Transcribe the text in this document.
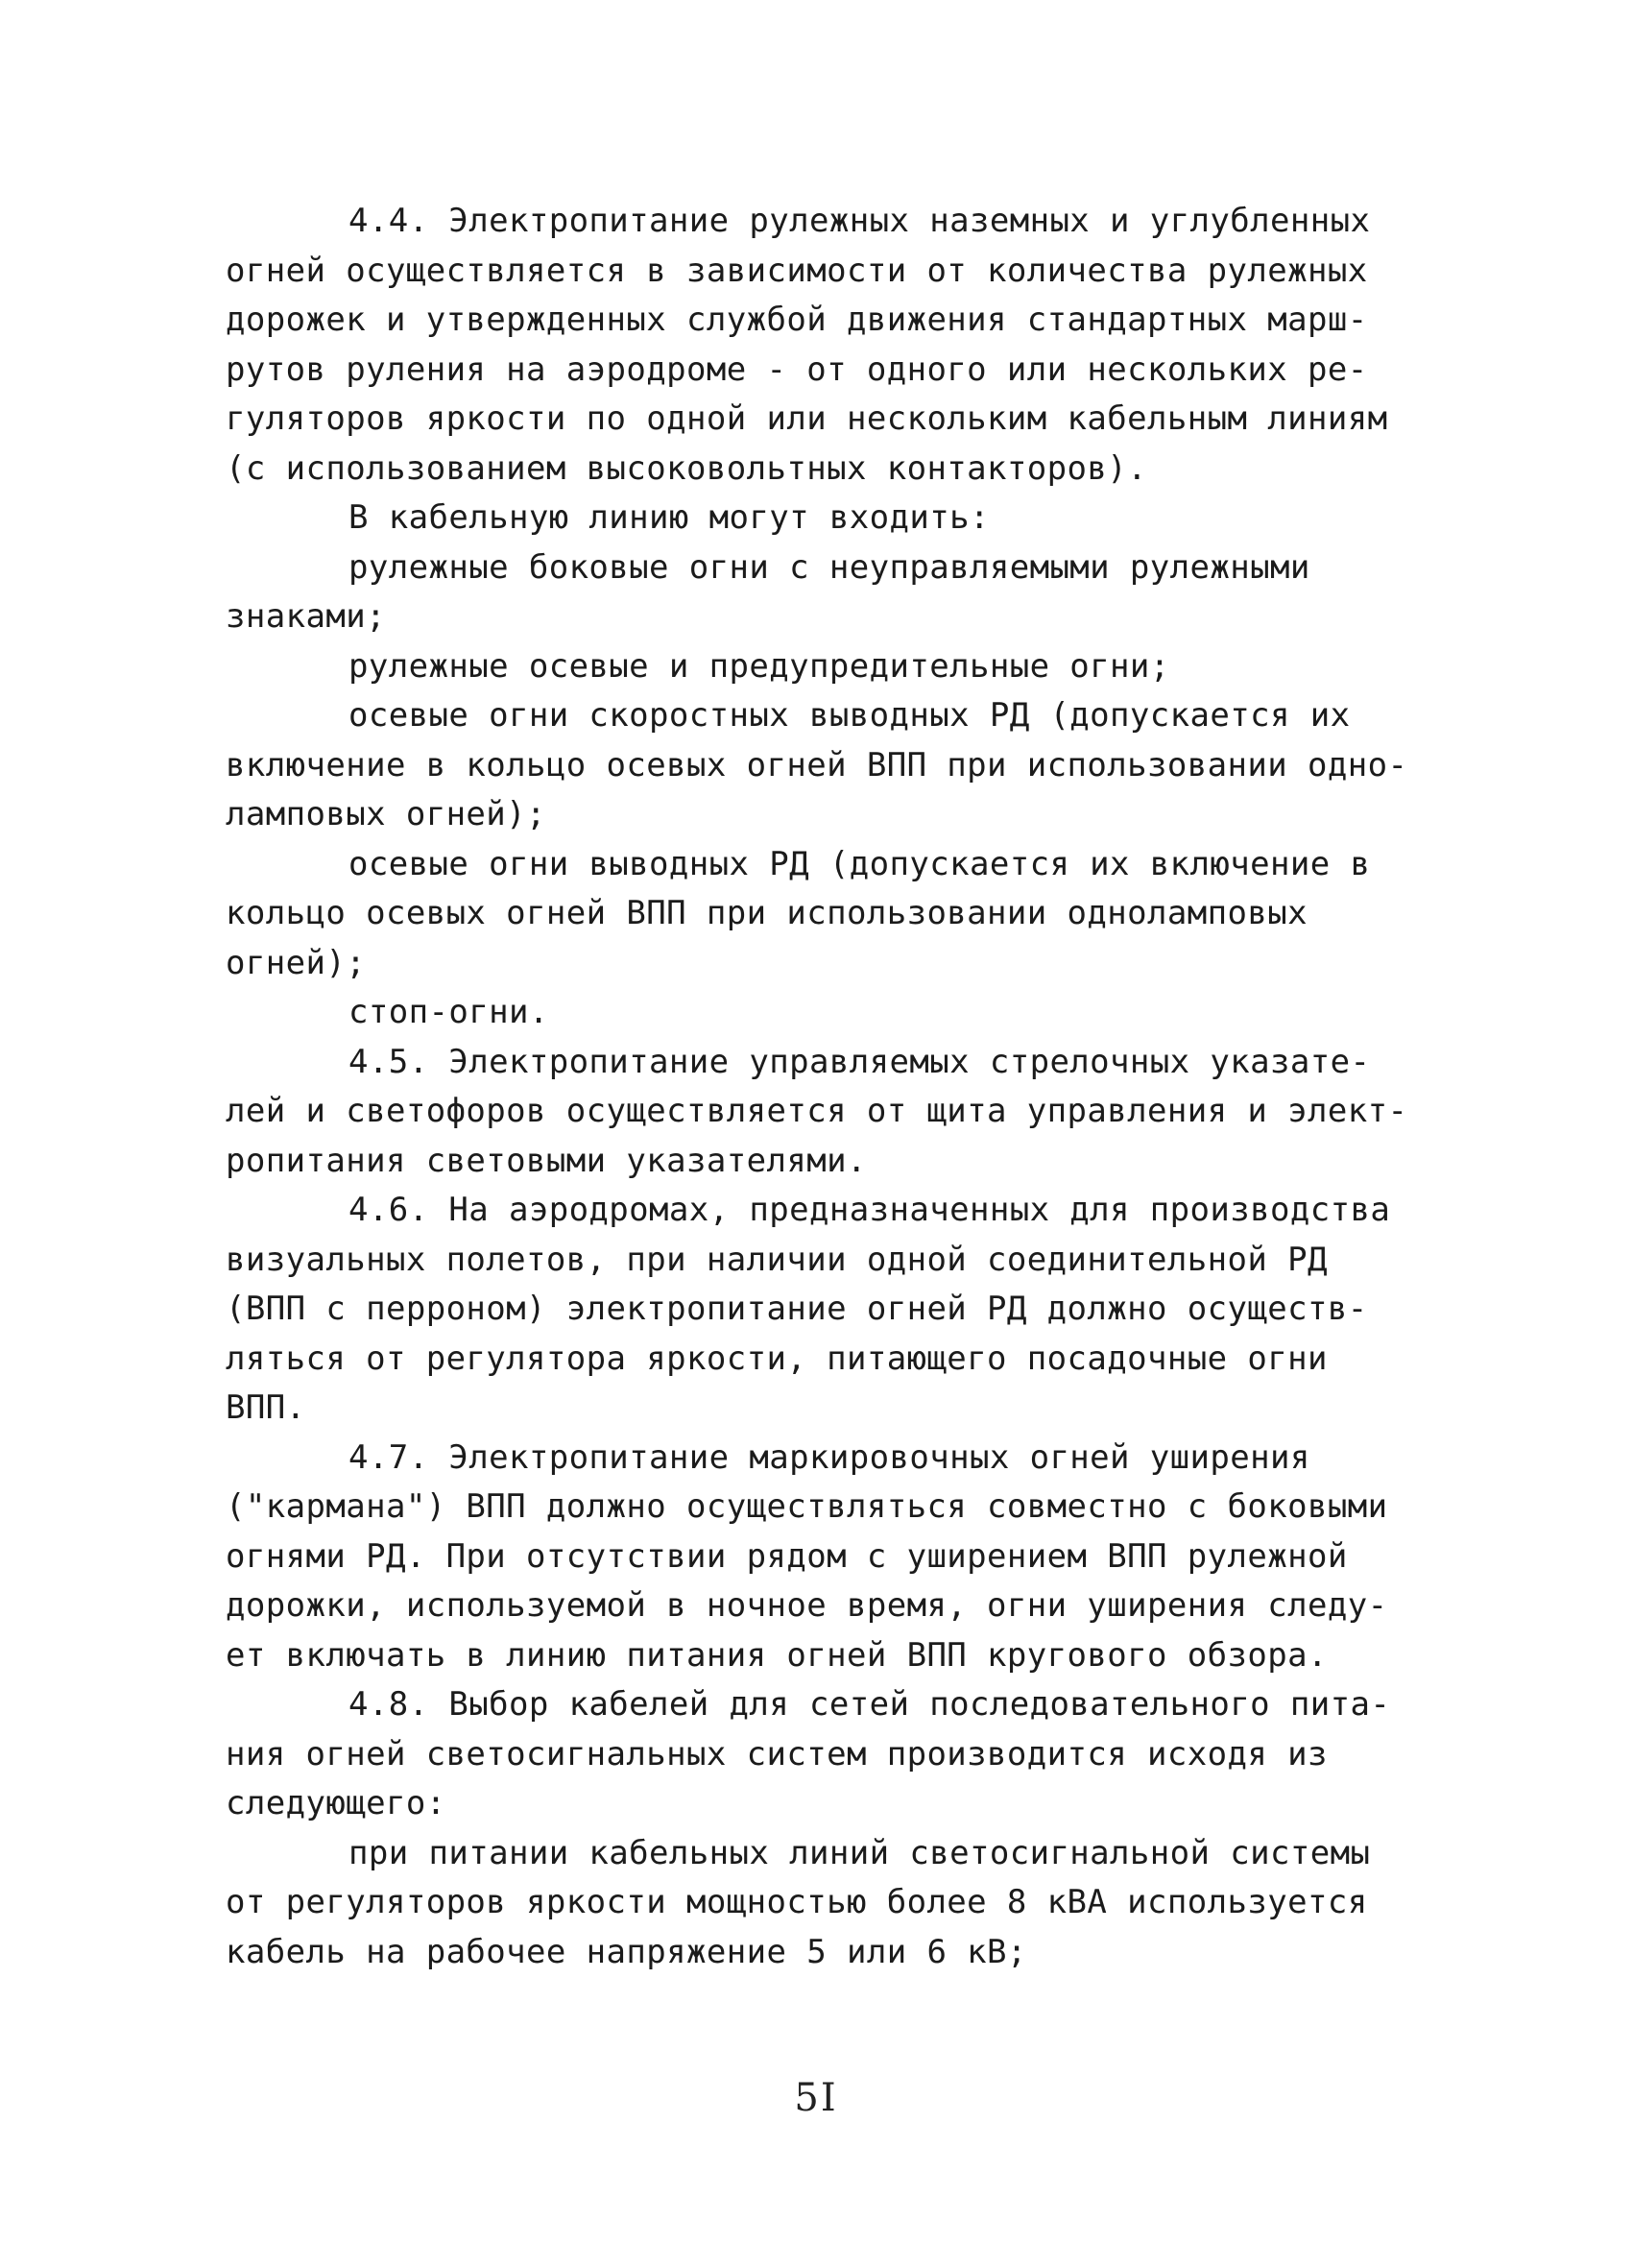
4.4. Электропитание рулежных наземных и углубленных
огней осуществляется в зависимости от количества рулежных
дорожек и утвержденных службой движения стандартных марш-
рутов руления на аэродроме - от одного или нескольких ре-
гуляторов яркости по одной или нескольким кабельным линиям
(с использованием высоковольтных контакторов).
В кабельную линию могут входить:
рулежные боковые огни с неуправляемыми рулежными
знаками;
рулежные осевые и предупредительные огни;
осевые огни скоростных выводных РД (допускается их
включение в кольцо осевых огней ВПП при использовании одно-
ламповых огней);
осевые огни выводных РД (допускается их включение в
кольцо осевых огней ВПП при использовании одноламповых
огней);
стоп-огни.
4.5. Электропитание управляемых стрелочных указате-
лей и светофоров осуществляется от щита управления и элект-
ропитания световыми указателями.
4.6. На аэродромах, предназначенных для производства
визуальных полетов, при наличии одной соединительной РД
(ВПП с перроном) электропитание огней РД должно осуществ-
ляться от регулятора яркости, питающего посадочные огни
ВПП.
4.7. Электропитание маркировочных огней уширения
("кармана") ВПП должно осуществляться совместно с боковыми
огнями РД. При отсутствии рядом с уширением ВПП рулежной
дорожки, используемой в ночное время, огни уширения следу-
ет включать в линию питания огней ВПП кругового обзора.
4.8. Выбор кабелей для сетей последовательного пита-
ния огней светосигнальных систем производится исходя из
следующего:
при питании кабельных линий светосигнальной системы
от регуляторов яркости мощностью более 8 кВА используется
кабель на рабочее напряжение 5 или 6 кВ;
5I
